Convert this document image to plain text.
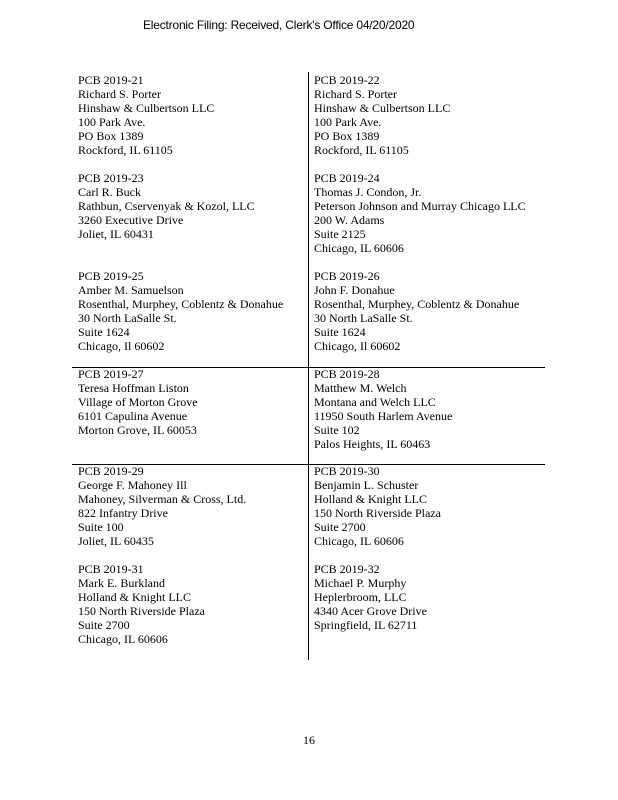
Electronic Filing: Received, Clerk's Office 04/20/2020
PCB 2019-21
Richard S. Porter
Hinshaw & Culbertson LLC
100 Park Ave.
PO Box 1389
Rockford, IL 61105
PCB 2019-22
Richard S. Porter
Hinshaw & Culbertson LLC
100 Park Ave.
PO Box 1389
Rockford, IL 61105
PCB 2019-23
Carl R. Buck
Rathbun, Cservenyak & Kozol, LLC
3260 Executive Drive
Joliet, IL 60431
PCB 2019-24
Thomas J. Condon, Jr.
Peterson Johnson and Murray Chicago LLC
200 W. Adams
Suite 2125
Chicago, IL 60606
PCB 2019-25
Amber M. Samuelson
Rosenthal, Murphey, Coblentz & Donahue
30 North LaSalle St.
Suite 1624
Chicago, Il 60602
PCB 2019-26
John F. Donahue
Rosenthal, Murphey, Coblentz & Donahue
30 North LaSalle St.
Suite 1624
Chicago, Il 60602
PCB 2019-27
Teresa Hoffman Liston
Village of Morton Grove
6101 Capulina Avenue
Morton Grove, IL 60053
PCB 2019-28
Matthew M. Welch
Montana and Welch LLC
11950 South Harlem Avenue
Suite 102
Palos Heights, IL 60463
PCB 2019-29
George F. Mahoney Ill
Mahoney, Silverman & Cross, Ltd.
822 Infantry Drive
Suite 100
Joliet, IL 60435
PCB 2019-30
Benjamin L. Schuster
Holland & Knight LLC
150 North Riverside Plaza
Suite 2700
Chicago, IL 60606
PCB 2019-31
Mark E. Burkland
Holland & Knight LLC
150 North Riverside Plaza
Suite 2700
Chicago, IL 60606
PCB 2019-32
Michael P. Murphy
Heplerbroom, LLC
4340 Acer Grove Drive
Springfield, IL 62711
16
